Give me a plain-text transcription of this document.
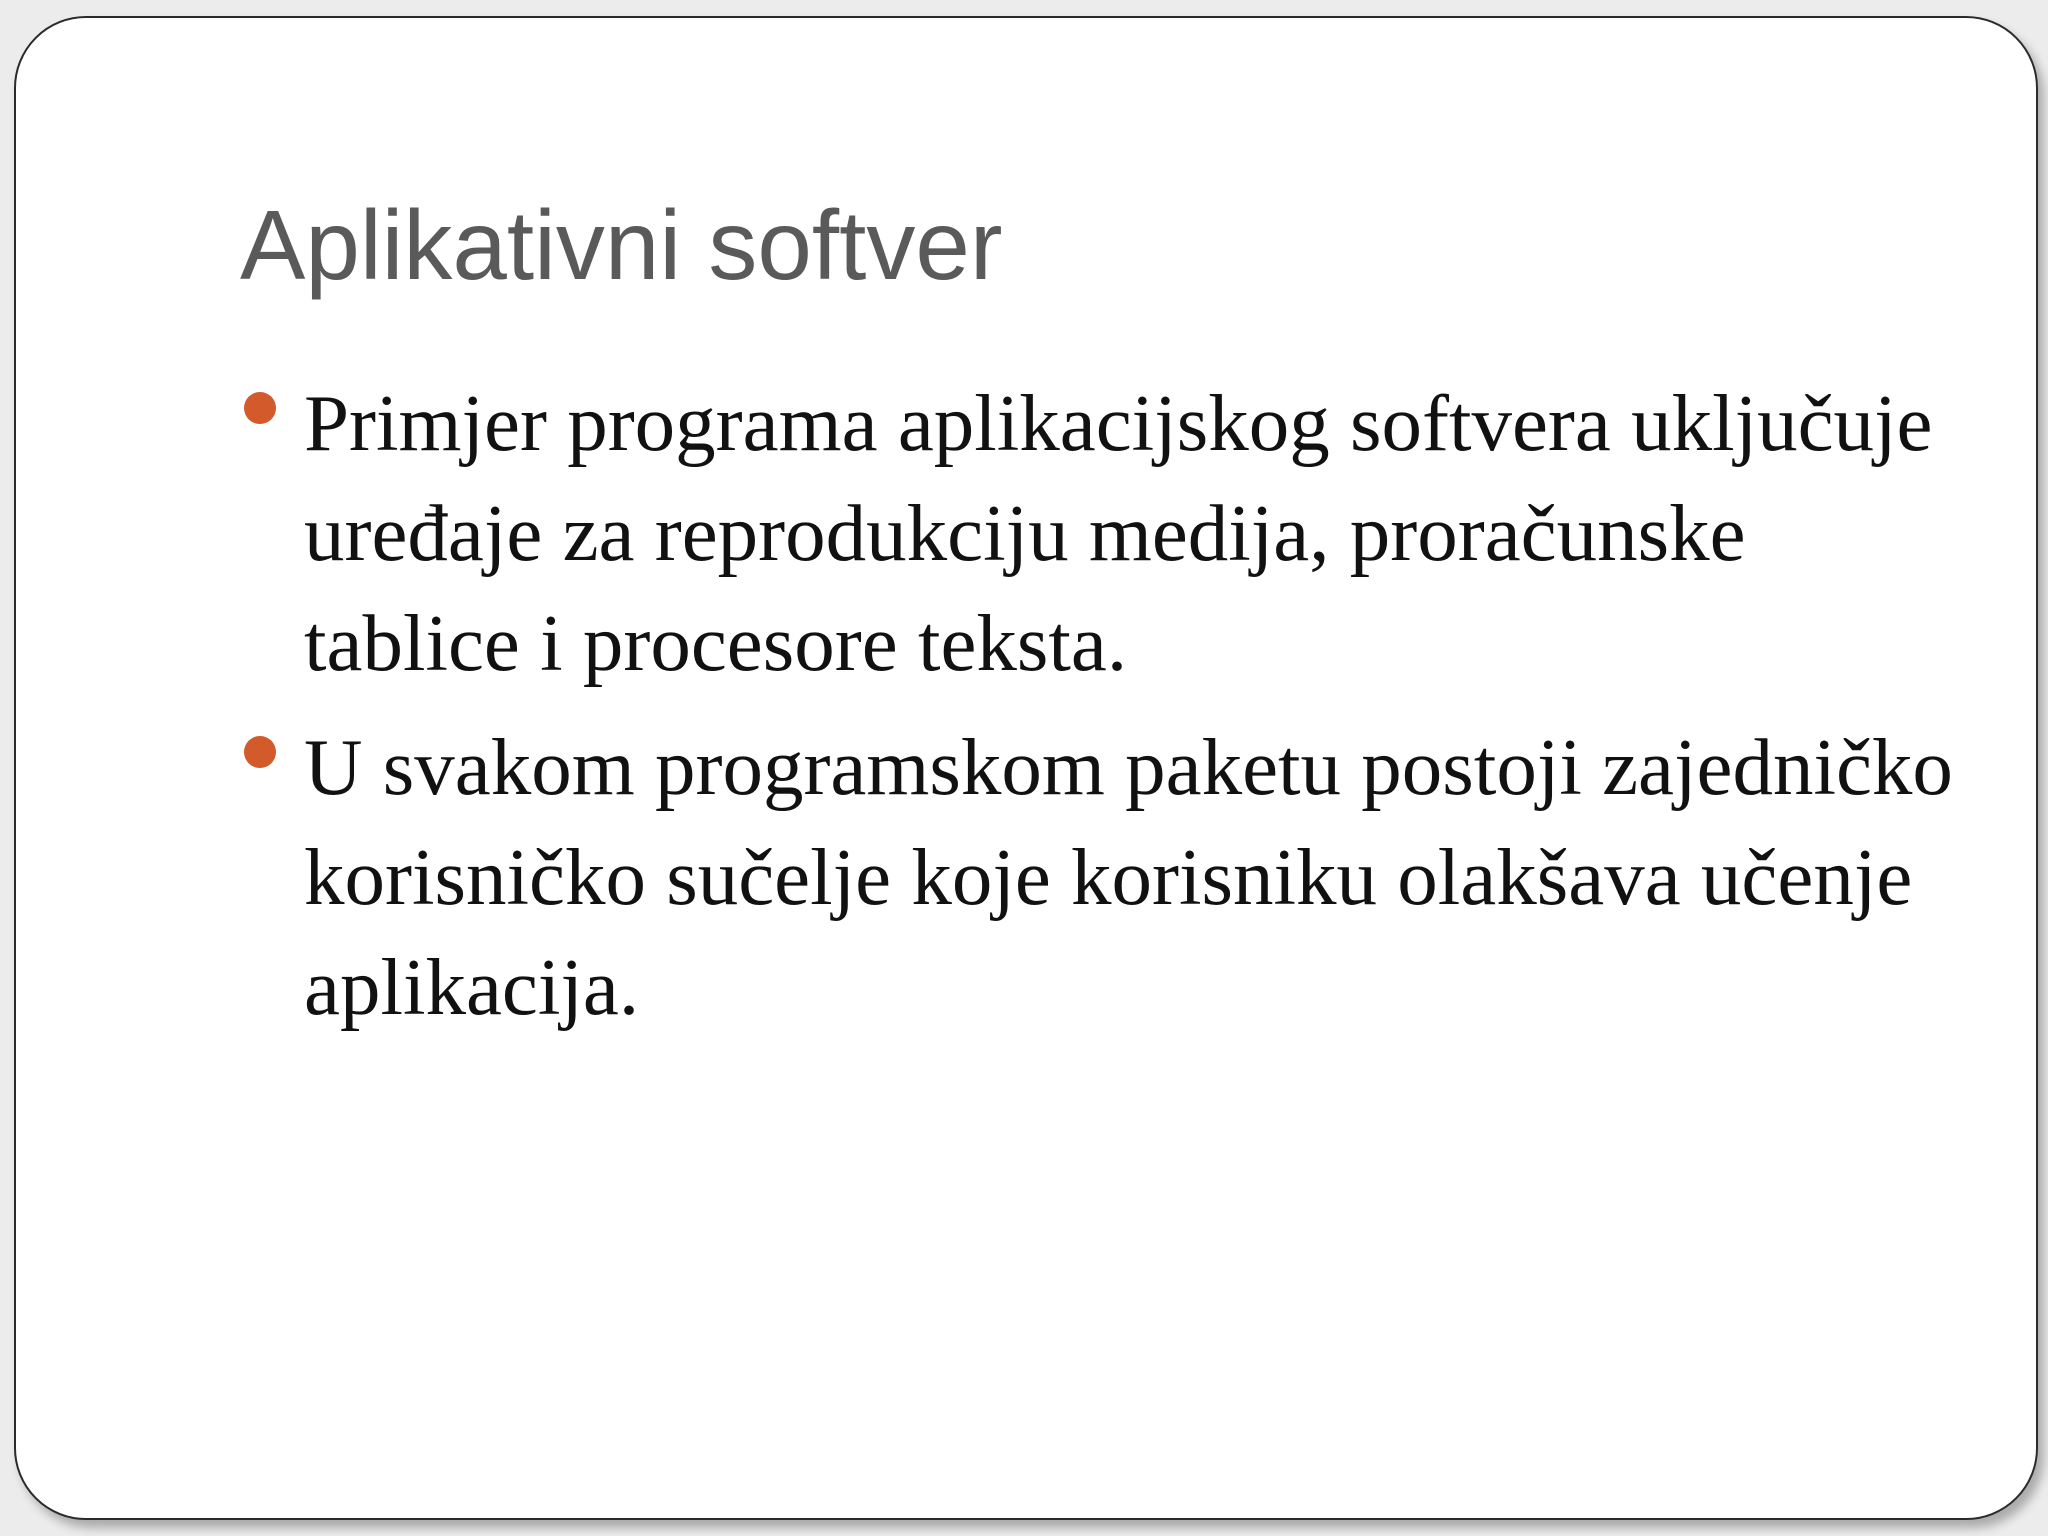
Aplikativni softver
Primjer programa aplikacijskog softvera uključuje uređaje za reprodukciju medija, proračunske tablice i procesore teksta.
U svakom programskom paketu postoji zajedničko korisničko sučelje koje korisniku olakšava učenje aplikacija.
